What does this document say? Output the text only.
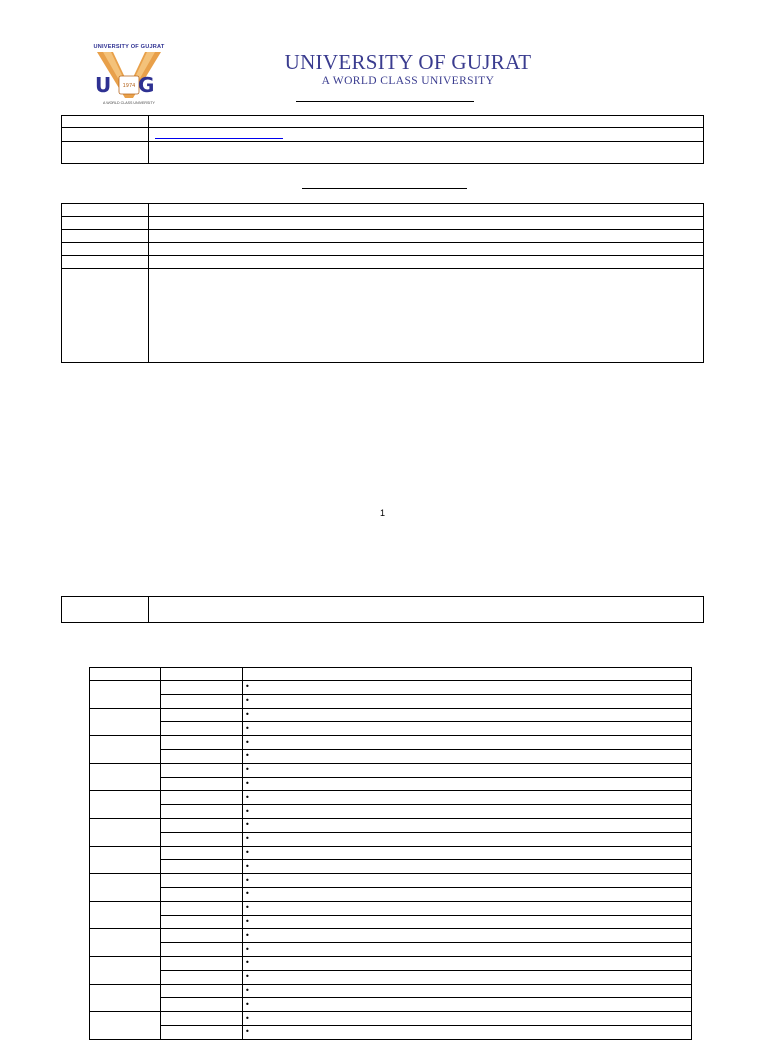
UNIVERSITY OF GUJRAT
1974
U G
A WORLD CLASS UNIVERSITY
UNIVERSITY OF GUJRAT
A WORLD CLASS UNIVERSITY

1

		•
		•
		•
		•
		•
		•
		•
		•
		•
		•
		•
		•
		•
		•
		•
		•
		•
		•
		•
		•
		•
		•
		•
		•
		•
		•
